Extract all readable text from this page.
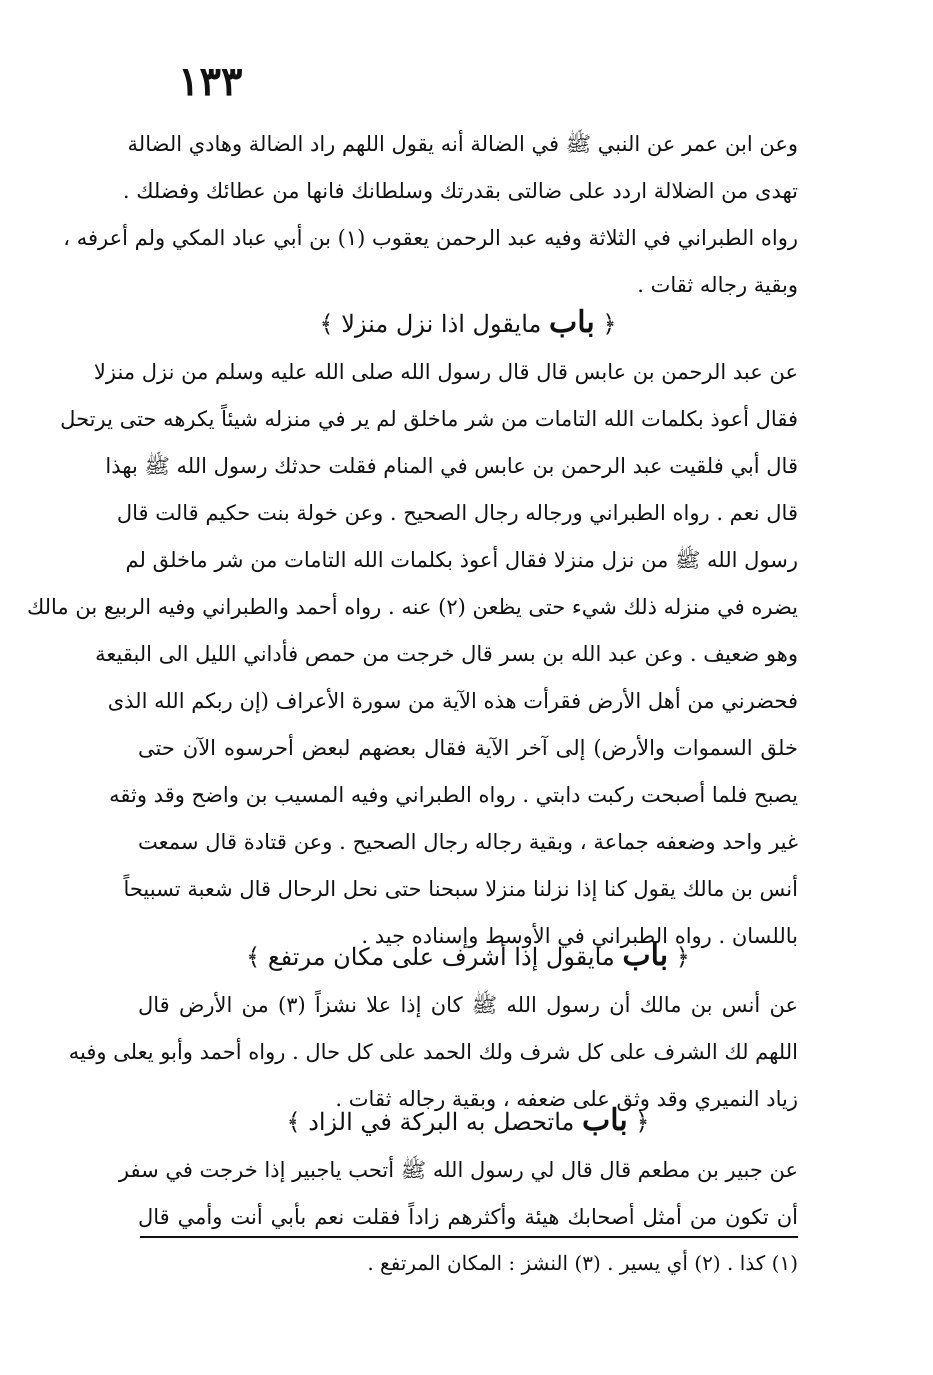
١٣٣
وعن ابن عمر عن النبي ﷺ في الضالة أنه يقول اللهم راد الضالة وهادي الضالة
تهدى من الضلالة اردد على ضالتى بقدرتك وسلطانك فانها من عطائك وفضلك .
رواه الطبراني في الثلاثة وفيه عبد الرحمن يعقوب (١) بن أبي عباد المكي ولم أعرفه ،
وبقية رجاله ثقات .
﴿ باب مايقول اذا نزل منزلا ﴾
عن عبد الرحمن بن عابس قال قال رسول الله صلى الله عليه وسلم من نزل منزلا
فقال أعوذ بكلمات الله التامات من شر ماخلق لم ير في منزله شيئاً يكرهه حتى يرتحل
قال أبي فلقيت عبد الرحمن بن عابس في المنام فقلت حدثك رسول الله ﷺ بهذا
قال نعم . رواه الطبراني ورجاله رجال الصحيح . وعن خولة بنت حكيم قالت قال
رسول الله ﷺ من نزل منزلا فقال أعوذ بكلمات الله التامات من شر ماخلق لم
يضره في منزله ذلك شيء حتى يظعن (٢) عنه . رواه أحمد والطبراني وفيه الربيع بن مالك
وهو ضعيف . وعن عبد الله بن بسر قال خرجت من حمص فأداني الليل الى البقيعة
فحضرني من أهل الأرض فقرأت هذه الآية من سورة الأعراف (إن ربكم الله الذى
خلق السموات والأرض) إلى آخر الآية فقال بعضهم لبعض أحرسوه الآن حتى
يصبح فلما أصبحت ركبت دابتي . رواه الطبراني وفيه المسيب بن واضح وقد وثقه
غير واحد وضعفه جماعة ، وبقية رجاله رجال الصحيح . وعن قتادة قال سمعت
أنس بن مالك يقول كنا إذا نزلنا منزلا سبحنا حتى نحل الرحال قال شعبة تسبيحاً
باللسان . رواه الطبراني في الأوسط وإسناده جيد .
﴿ باب مايقول إذا أشرف على مكان مرتفع ﴾
عن أنس بن مالك أن رسول الله ﷺ كان إذا علا نشزاً (٣) من الأرض قال
اللهم لك الشرف على كل شرف ولك الحمد على كل حال . رواه أحمد وأبو يعلى وفيه
زياد النميري وقد وثق على ضعفه ، وبقية رجاله ثقات .
﴿ باب ماتحصل به البركة في الزاد ﴾
عن جبير بن مطعم قال قال لي رسول الله ﷺ أتحب ياجبير إذا خرجت في سفر
أن تكون من أمثل أصحابك هيئة وأكثرهم زاداً فقلت نعم بأبي أنت وأمي قال
(١) كذا . (٢) أي يسير . (٣) النشز : المكان المرتفع .
